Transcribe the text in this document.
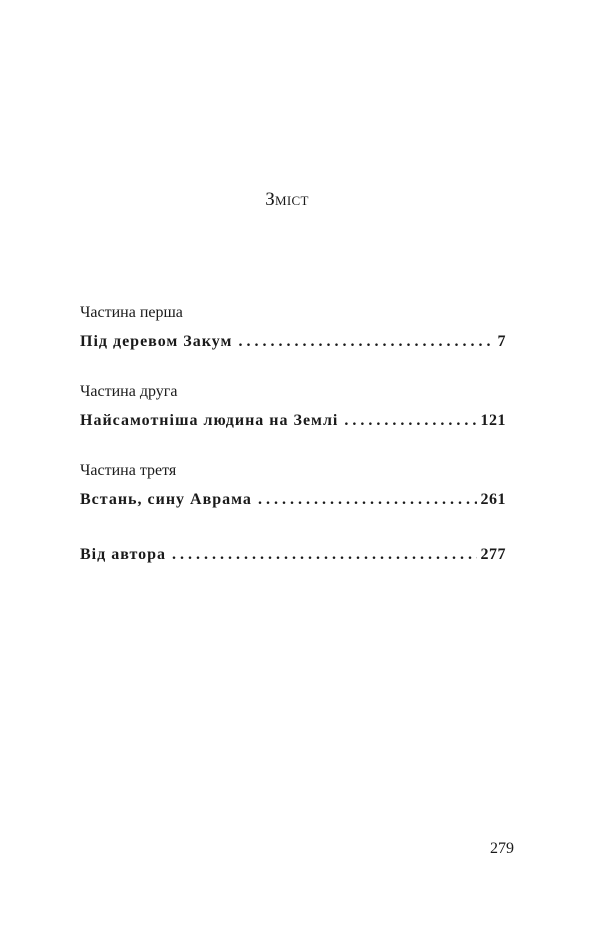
Зміст
Частина перша
Під деревом Закум . .	7
Частина друга
Найсамотніша людина на Землі . .	121
Частина третя
Встань, сину Аврама . .	261
Від автора . .	277
279
